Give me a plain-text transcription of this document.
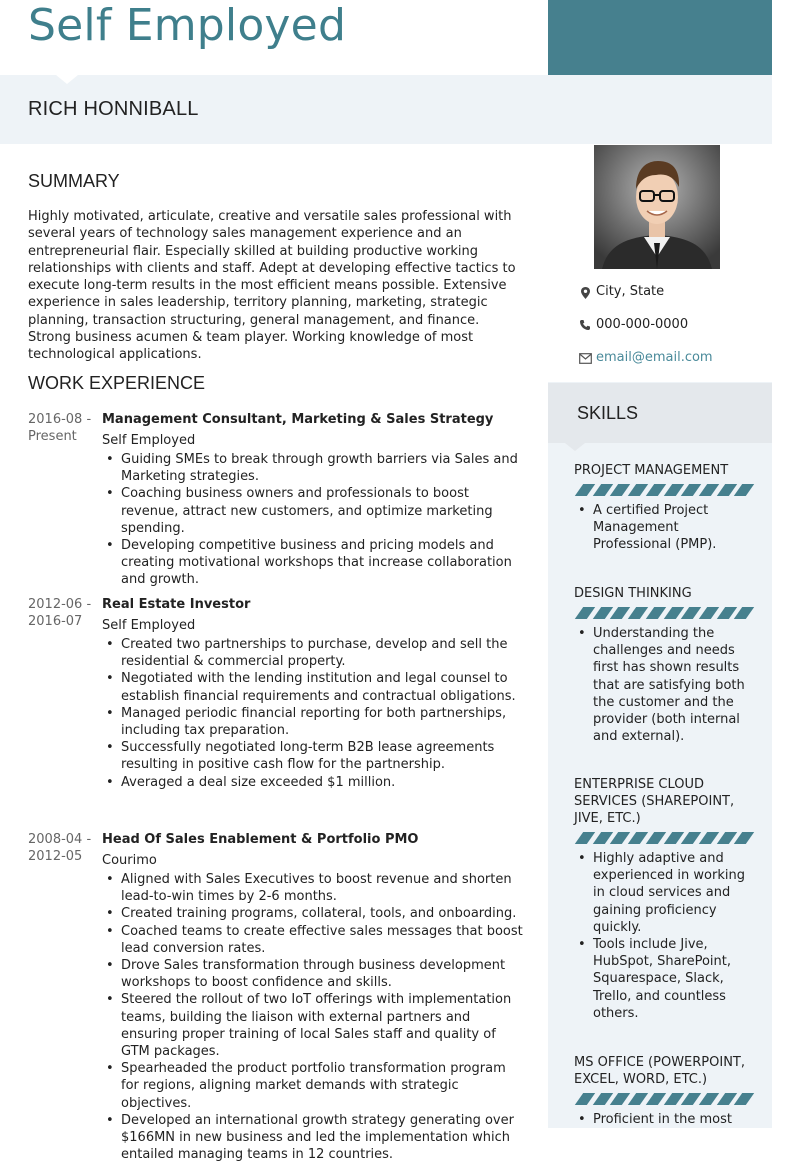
Self Employed
RICH HONNIBALL
City, State
000-000-0000
email@email.com
SKILLS
PROJECT MANAGEMENT
• A certified Project Management Professional (PMP).
DESIGN THINKING
• Understanding the challenges and needs first has shown results that are satisfying both the customer and the provider (both internal and external).
ENTERPRISE CLOUD SERVICES (SHAREPOINT, JIVE, ETC.)
• Highly adaptive and experienced in working in cloud services and gaining proficiency quickly.
• Tools include Jive, HubSpot, SharePoint, Squarespace, Slack, Trello, and countless others.
MS OFFICE (POWERPOINT, EXCEL, WORD, ETC.)
• Proficient in the most
SUMMARY
Highly motivated, articulate, creative and versatile sales professional with several years of technology sales management experience and an entrepreneurial flair. Especially skilled at building productive working relationships with clients and staff. Adept at developing effective tactics to execute long-term results in the most efficient means possible. Extensive experience in sales leadership, territory planning, marketing, strategic planning, transaction structuring, general management, and finance. Strong business acumen & team player. Working knowledge of most technological applications.
WORK EXPERIENCE
2016-08 - Present
Management Consultant, Marketing & Sales Strategy
Self Employed
• Guiding SMEs to break through growth barriers via Sales and Marketing strategies.
• Coaching business owners and professionals to boost revenue, attract new customers, and optimize marketing spending.
• Developing competitive business and pricing models and creating motivational workshops that increase collaboration and growth.
2012-06 - 2016-07
Real Estate Investor
Self Employed
• Created two partnerships to purchase, develop and sell the residential & commercial property.
• Negotiated with the lending institution and legal counsel to establish financial requirements and contractual obligations.
• Managed periodic financial reporting for both partnerships, including tax preparation.
• Successfully negotiated long-term B2B lease agreements resulting in positive cash flow for the partnership.
• Averaged a deal size exceeded $1 million.
2008-04 - 2012-05
Head Of Sales Enablement & Portfolio PMO
Courimo
• Aligned with Sales Executives to boost revenue and shorten lead-to-win times by 2-6 months.
• Created training programs, collateral, tools, and onboarding.
• Coached teams to create effective sales messages that boost lead conversion rates.
• Drove Sales transformation through business development workshops to boost confidence and skills.
• Steered the rollout of two IoT offerings with implementation teams, building the liaison with external partners and ensuring proper training of local Sales staff and quality of GTM packages.
• Spearheaded the product portfolio transformation program for regions, aligning market demands with strategic objectives.
• Developed an international growth strategy generating over $166MN in new business and led the implementation which entailed managing teams in 12 countries.
